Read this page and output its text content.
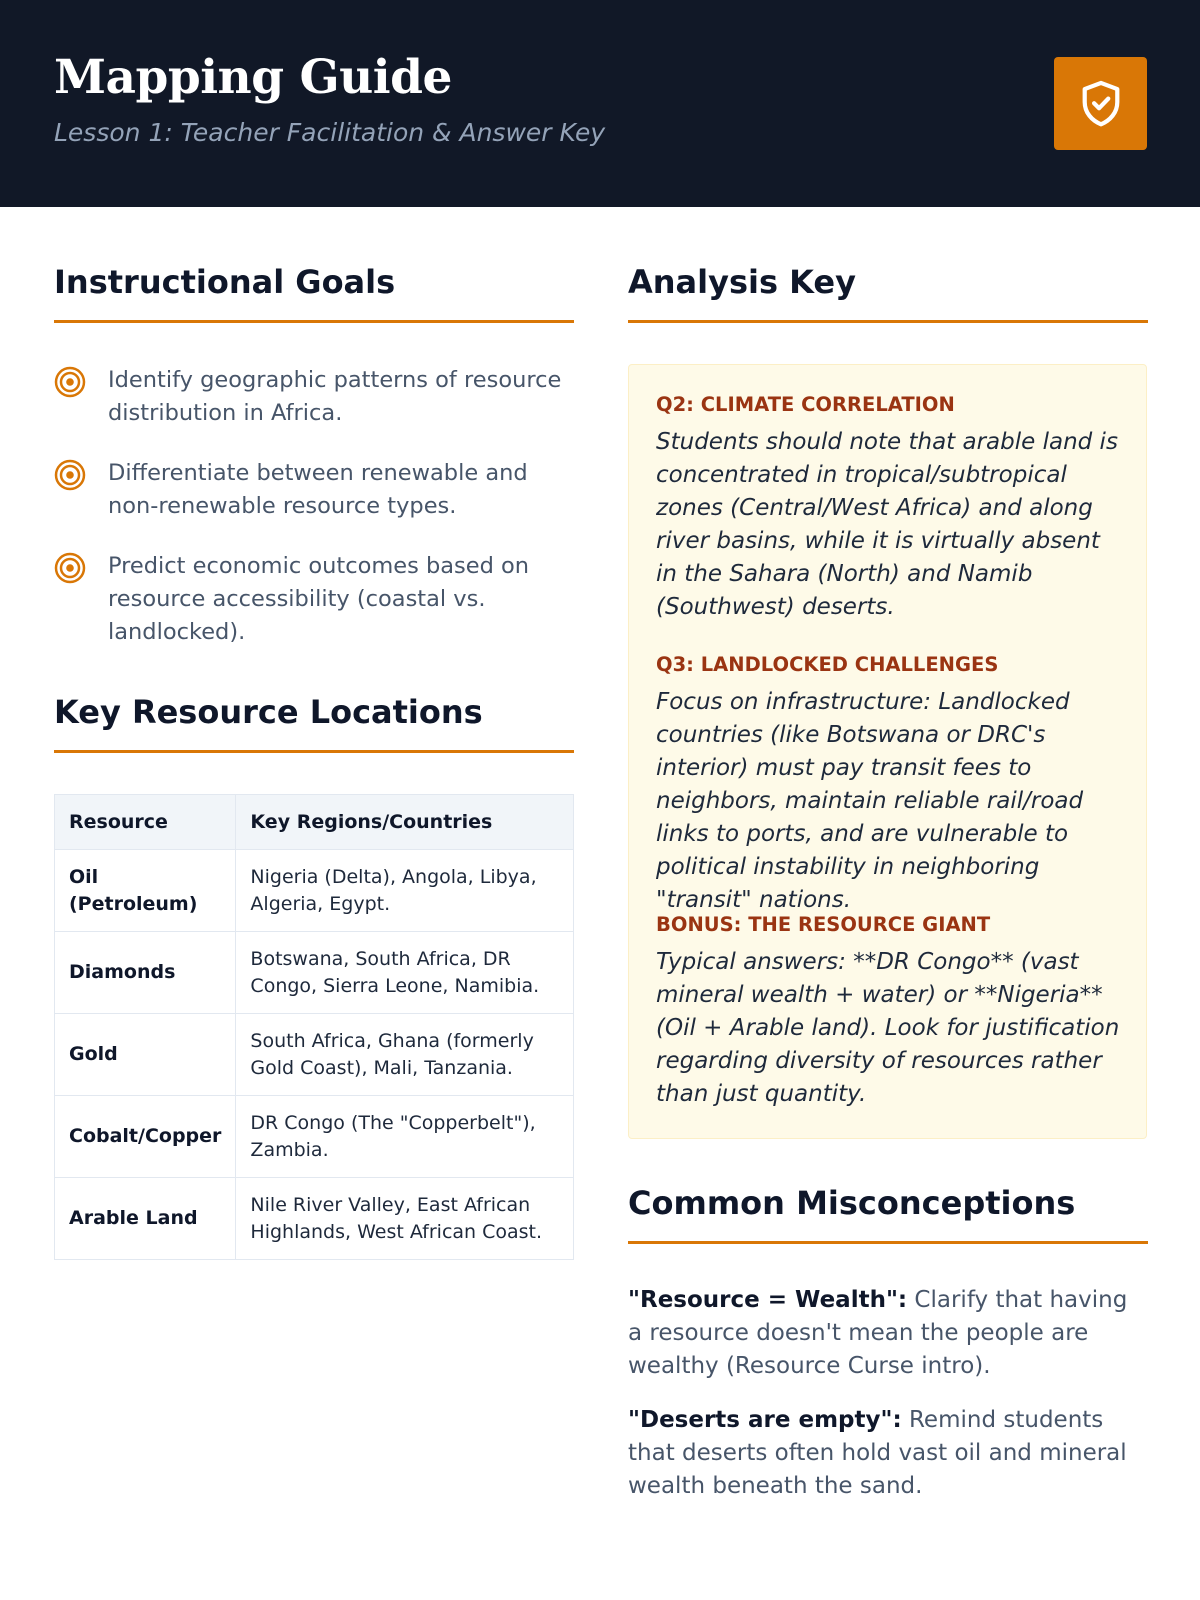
Mapping Guide
Lesson 1: Teacher Facilitation & Answer Key
Instructional Goals
Identify geographic patterns of resource distribution in Africa.
Differentiate between renewable and non-renewable resource types.
Predict economic outcomes based on resource accessibility (coastal vs. landlocked).
Key Resource Locations
Resource	Key Regions/Countries
Oil (Petroleum)	Nigeria (Delta), Angola, Libya, Algeria, Egypt.
Diamonds	Botswana, South Africa, DR Congo, Sierra Leone, Namibia.
Gold	South Africa, Ghana (formerly Gold Coast), Mali, Tanzania.
Cobalt/Copper	DR Congo (The "Copperbelt"), Zambia.
Arable Land	Nile River Valley, East African Highlands, West African Coast.
Analysis Key
Q2: CLIMATE CORRELATION
Students should note that arable land is concentrated in tropical/subtropical zones (Central/West Africa) and along river basins, while it is virtually absent in the Sahara (North) and Namib (Southwest) deserts.
Q3: LANDLOCKED CHALLENGES
Focus on infrastructure: Landlocked countries (like Botswana or DRC's interior) must pay transit fees to neighbors, maintain reliable rail/road links to ports, and are vulnerable to political instability in neighboring "transit" nations.
BONUS: THE RESOURCE GIANT
Typical answers: **DR Congo** (vast mineral wealth + water) or **Nigeria** (Oil + Arable land). Look for justification regarding diversity of resources rather than just quantity.
Common Misconceptions
"Resource = Wealth": Clarify that having a resource doesn't mean the people are wealthy (Resource Curse intro).
"Deserts are empty": Remind students that deserts often hold vast oil and mineral wealth beneath the sand.
